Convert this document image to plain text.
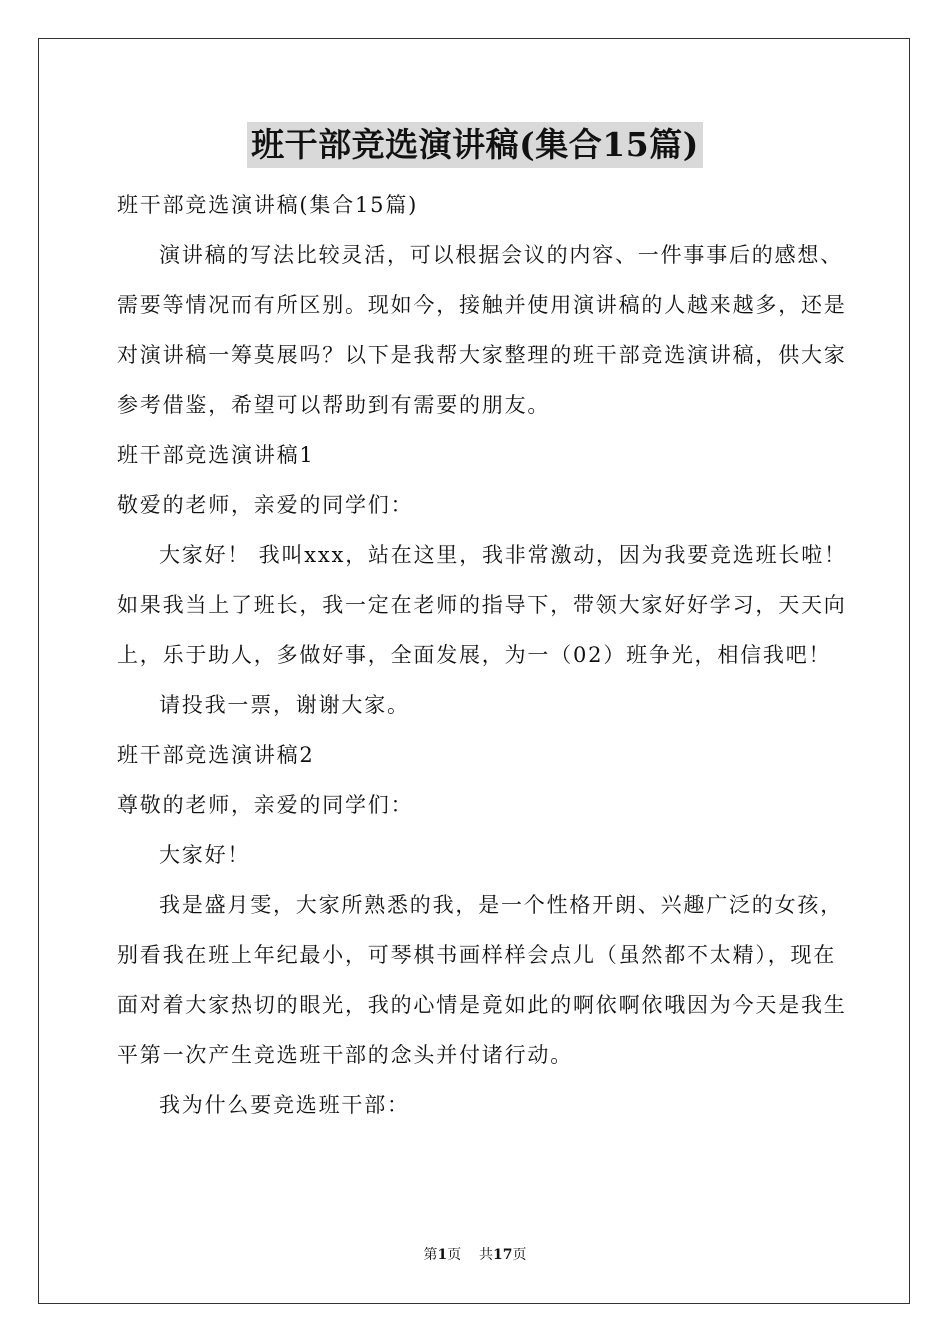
班干部竞选演讲稿(集合15篇)

班干部竞选演讲稿(集合15篇)

演讲稿的写法比较灵活，可以根据会议的内容、一件事事后的感想、需要等情况而有所区别。现如今，接触并使用演讲稿的人越来越多，还是对演讲稿一筹莫展吗？以下是我帮大家整理的班干部竞选演讲稿，供大家参考借鉴，希望可以帮助到有需要的朋友。

班干部竞选演讲稿1

敬爱的老师，亲爱的同学们：

大家好！ 我叫xxx，站在这里，我非常激动，因为我要竞选班长啦！如果我当上了班长，我一定在老师的指导下，带领大家好好学习，天天向上，乐于助人，多做好事，全面发展，为一（02）班争光，相信我吧！

请投我一票，谢谢大家。

班干部竞选演讲稿2

尊敬的老师，亲爱的同学们：

大家好！

我是盛月雯，大家所熟悉的我，是一个性格开朗、兴趣广泛的女孩，别看我在班上年纪最小，可琴棋书画样样会点儿（虽然都不太精），现在面对着大家热切的眼光，我的心情是竟如此的啊依啊依哦因为今天是我生平第一次产生竞选班干部的念头并付诸行动。

我为什么要竞选班干部：

第1页 共17页
